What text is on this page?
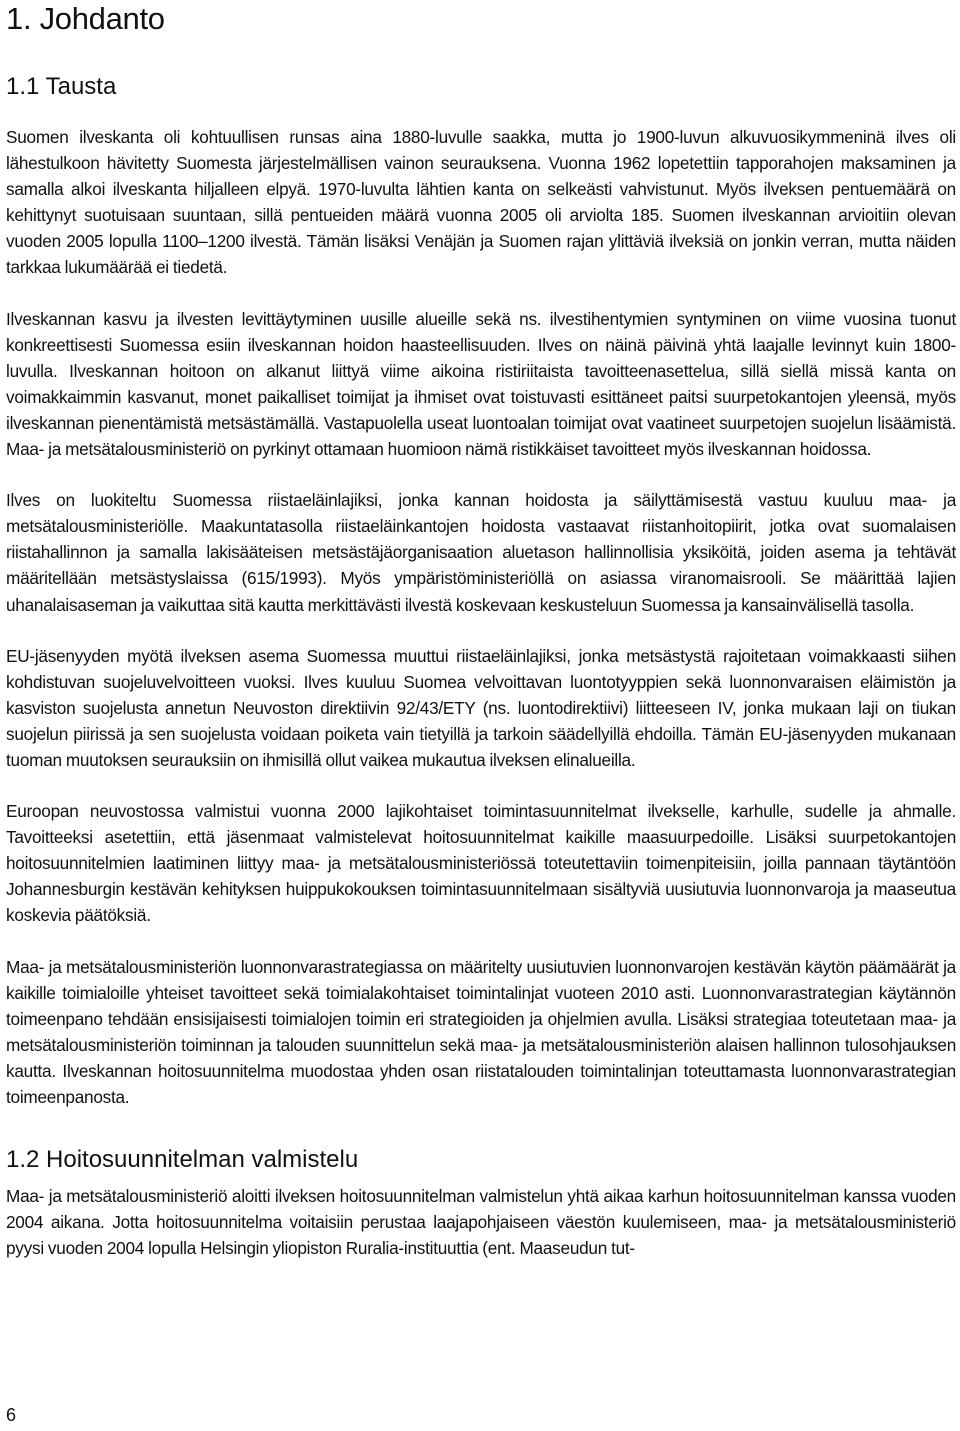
1. Johdanto
1.1 Tausta

Suomen ilveskanta oli kohtuullisen runsas aina 1880-luvulle saakka, mutta jo 1900-luvun alkuvuosikymmeninä ilves oli lähestulkoon hävitetty Suomesta järjestelmällisen vainon seurauksena. Vuonna 1962 lopetettiin tapporahojen maksaminen ja samalla alkoi ilveskanta hiljalleen elpyä. 1970-luvulta lähtien kanta on selkeästi vahvistunut. Myös ilveksen pentuemäärä on kehittynyt suotuisaan suuntaan, sillä pentueiden määrä vuonna 2005 oli arviolta 185. Suomen ilveskannan arvioitiin olevan vuoden 2005 lopulla 1100–1200 ilvestä. Tämän lisäksi Venäjän ja Suomen rajan ylittäviä ilveksiä on jonkin verran, mutta näiden tarkkaa lukumäärää ei tiedetä.

Ilveskannan kasvu ja ilvesten levittäytyminen uusille alueille sekä ns. ilvestihentymien syntyminen on viime vuosina tuonut konkreettisesti Suomessa esiin ilveskannan hoidon haasteellisuuden. Ilves on näinä päivinä yhtä laajalle levinnyt kuin 1800-luvulla. Ilveskannan hoitoon on alkanut liittyä viime aikoina ristiriitaista tavoitteenasettelua, sillä siellä missä kanta on voimakkaimmin kasvanut, monet paikalliset toimijat ja ihmiset ovat toistuvasti esittäneet paitsi suurpetokantojen yleensä, myös ilveskannan pienentämistä metsästämällä. Vastapuolella useat luontoalan toimijat ovat vaatineet suurpetojen suojelun lisäämistä. Maa- ja metsätalousministeriö on pyrkinyt ottamaan huomioon nämä ristikkäiset tavoitteet myös ilveskannan hoidossa.

Ilves on luokiteltu Suomessa riistaeläinlajiksi, jonka kannan hoidosta ja säilyttämisestä vastuu kuuluu maa- ja metsätalousministeriölle. Maakuntatasolla riistaeläinkantojen hoidosta vastaavat riistanhoitopiirit, jotka ovat suomalaisen riistahallinnon ja samalla lakisääteisen metsästäjäorganisaation aluetason hallinnollisia yksiköitä, joiden asema ja tehtävät määritellään metsästyslaissa (615/1993). Myös ympäristöministeriöllä on asiassa viranomaisrooli. Se määrittää lajien uhanalaisaseman ja vaikuttaa sitä kautta merkittävästi ilvestä koskevaan keskusteluun Suomessa ja kansainvälisellä tasolla.

EU-jäsenyyden myötä ilveksen asema Suomessa muuttui riistaeläinlajiksi, jonka metsästystä rajoitetaan voimakkaasti siihen kohdistuvan suojeluvelvoitteen vuoksi. Ilves kuuluu Suomea velvoittavan luontotyyppien sekä luonnonvaraisen eläimistön ja kasviston suojelusta annetun Neuvoston direktiivin 92/43/ETY (ns. luontodirektiivi) liitteeseen IV, jonka mukaan laji on tiukan suojelun piirissä ja sen suojelusta voidaan poiketa vain tietyillä ja tarkoin säädellyillä ehdoilla. Tämän EU-jäsenyyden mukanaan tuoman muutoksen seurauksiin on ihmisillä ollut vaikea mukautua ilveksen elinalueilla.

Euroopan neuvostossa valmistui vuonna 2000 lajikohtaiset toimintasuunnitelmat ilvekselle, karhulle, sudelle ja ahmalle. Tavoitteeksi asetettiin, että jäsenmaat valmistelevat hoitosuunnitelmat kaikille maasuurpedoille. Lisäksi suurpetokantojen hoitosuunnitelmien laatiminen liittyy maa- ja metsätalousministeriössä toteutettaviin toimenpiteisiin, joilla pannaan täytäntöön Johannesburgin kestävän kehityksen huippukokouksen toimintasuunnitelmaan sisältyviä uusiutuvia luonnonvaroja ja maaseutua koskevia päätöksiä.

Maa- ja metsätalousministeriön luonnonvarastrategiassa on määritelty uusiutuvien luonnonvarojen kestävän käytön päämäärät ja kaikille toimialoille yhteiset tavoitteet sekä toimialakohtaiset toimintalinjat vuoteen 2010 asti. Luonnonvarastrategian käytännön toimeenpano tehdään ensisijaisesti toimialojen toimin eri strategioiden ja ohjelmien avulla. Lisäksi strategiaa toteutetaan maa- ja metsätalousministeriön toiminnan ja talouden suunnittelun sekä maa- ja metsätalousministeriön alaisen hallinnon tulosohjauksen kautta. Ilveskannan hoitosuunnitelma muodostaa yhden osan riistatalouden toimintalinjan toteuttamasta luonnonvarastrategian toimeenpanosta.

1.2 Hoitosuunnitelman valmistelu

Maa- ja metsätalousministeriö aloitti ilveksen hoitosuunnitelman valmistelun yhtä aikaa karhun hoitosuunnitelman kanssa vuoden 2004 aikana. Jotta hoitosuunnitelma voitaisiin perustaa laajapohjaiseen väestön kuulemiseen, maa- ja metsätalousministeriö pyysi vuoden 2004 lopulla Helsingin yliopiston Ruralia-instituuttia (ent. Maaseudun tut-

6
